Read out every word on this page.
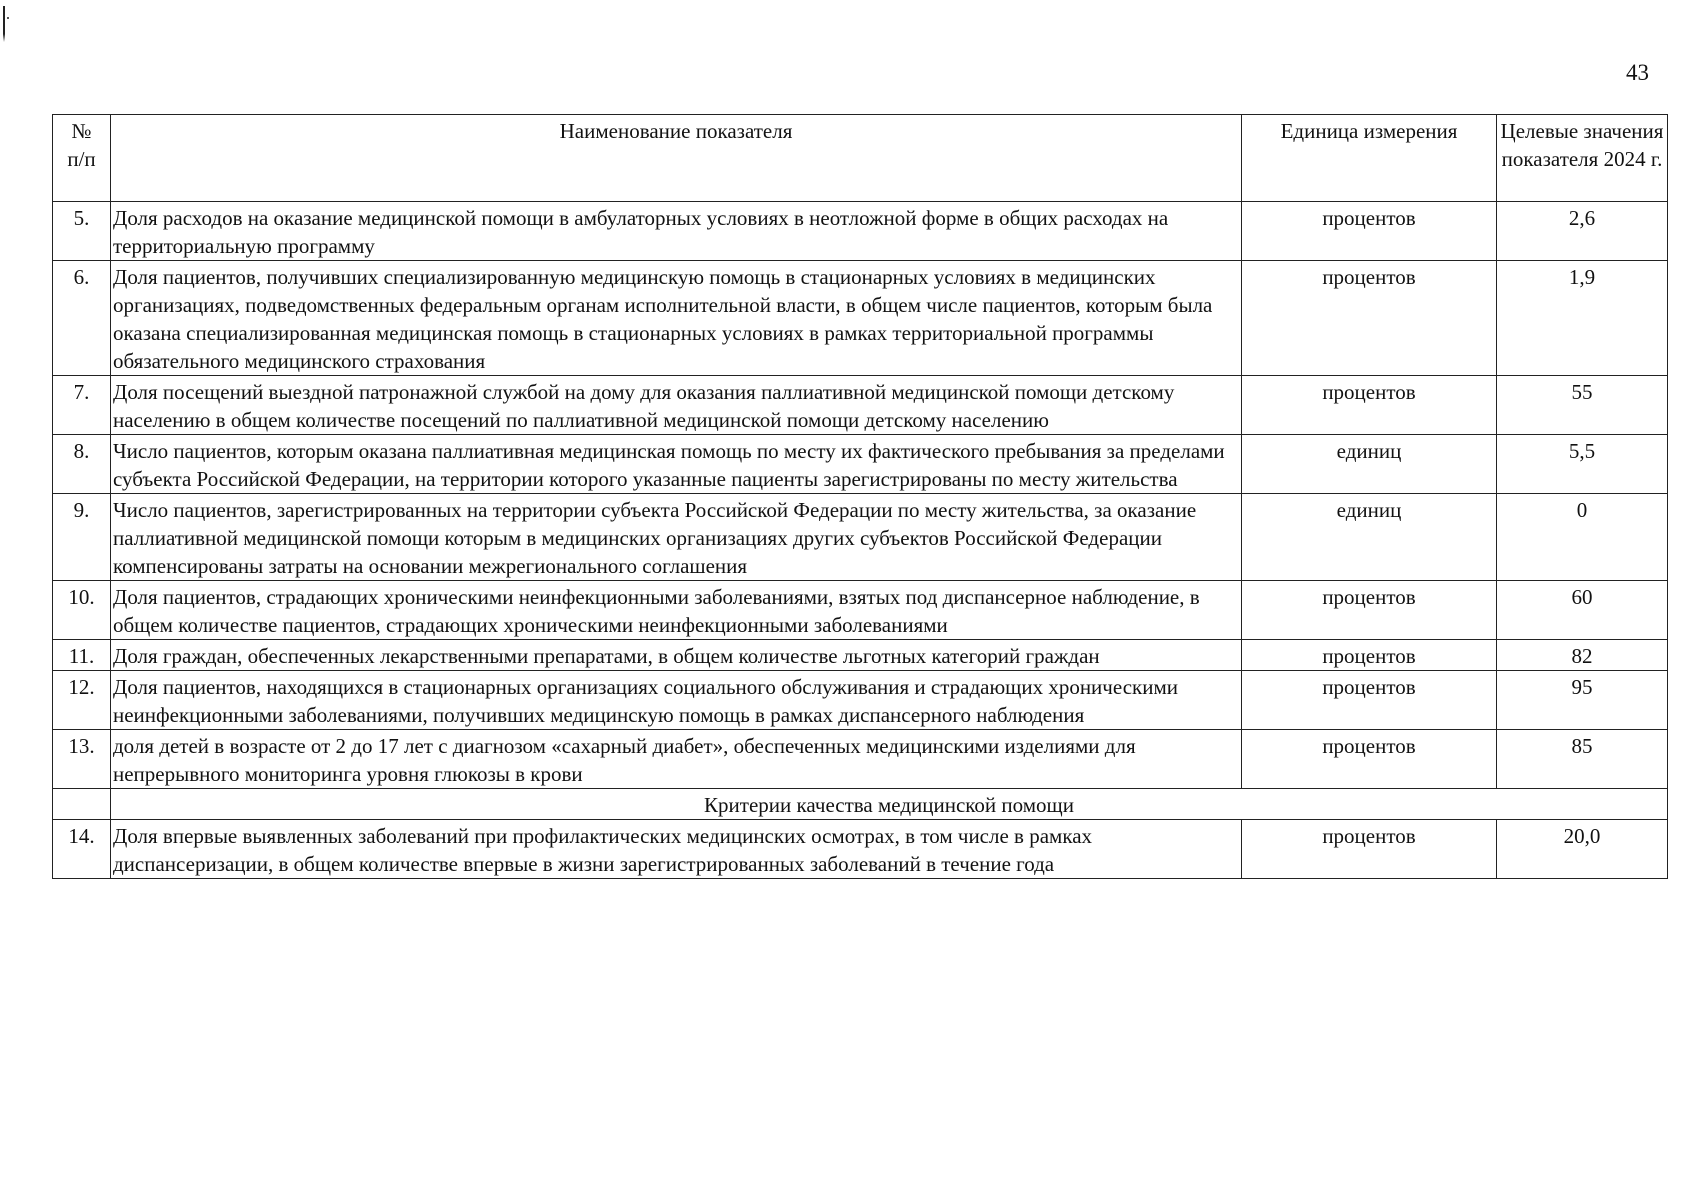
43
№
п/п	Наименование показателя	Единица измерения	Целевые значения показателя 2024 г.
5.	Доля расходов на оказание медицинской помощи в амбулаторных условиях в неотложной форме в общих расходах на территориальную программу	процентов	2,6
6.	Доля пациентов, получивших специализированную медицинскую помощь в стационарных условиях в медицинских организациях, подведомственных федеральным органам исполнительной власти, в общем числе пациентов, которым была оказана специализированная медицинская помощь в стационарных условиях в рамках территориальной программы обязательного медицинского страхования	процентов	1,9
7.	Доля посещений выездной патронажной службой на дому для оказания паллиативной медицинской помощи детскому населению в общем количестве посещений по паллиативной медицинской помощи детскому населению	процентов	55
8.	Число пациентов, которым оказана паллиативная медицинская помощь по месту их фактического пребывания за пределами субъекта Российской Федерации, на территории которого указанные пациенты зарегистрированы по месту жительства	единиц	5,5
9.	Число пациентов, зарегистрированных на территории субъекта Российской Федерации по месту жительства, за оказание паллиативной медицинской помощи которым в медицинских организациях других субъектов Российской Федерации компенсированы затраты на основании межрегионального соглашения	единиц	0
10.	Доля пациентов, страдающих хроническими неинфекционными заболеваниями, взятых под диспансерное наблюдение, в общем количестве пациентов, страдающих хроническими неинфекционными заболеваниями	процентов	60
11.	Доля граждан, обеспеченных лекарственными препаратами, в общем количестве льготных категорий граждан	процентов	82
12.	Доля пациентов, находящихся в стационарных организациях социального обслуживания и страдающих хроническими неинфекционными заболеваниями, получивших медицинскую помощь в рамках диспансерного наблюдения	процентов	95
13.	доля детей в возрасте от 2 до 17 лет с диагнозом «сахарный диабет», обеспеченных медицинскими изделиями для непрерывного мониторинга уровня глюкозы в крови	процентов	85
	Критерии качества медицинской помощи		
14.	Доля впервые выявленных заболеваний при профилактических медицинских осмотрах, в том числе в рамках диспансеризации, в общем количестве впервые в жизни зарегистрированных заболеваний в течение года	процентов	20,0
